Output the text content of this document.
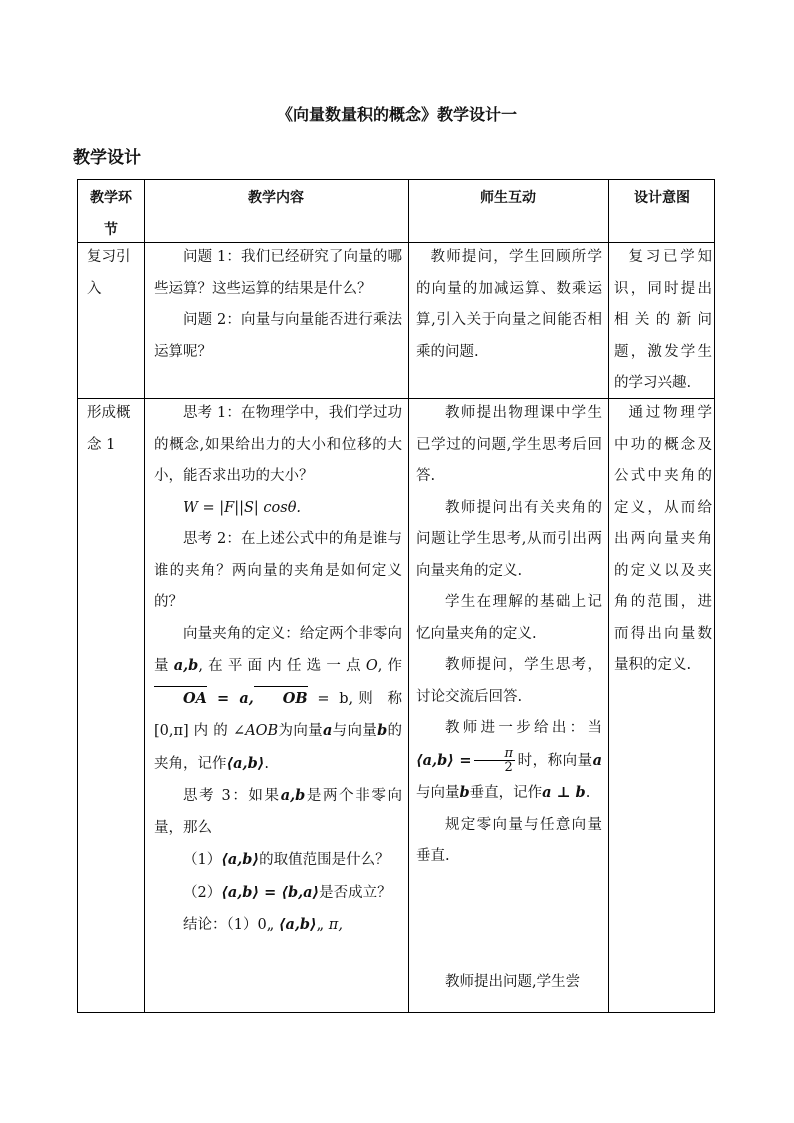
《向量数量积的概念》教学设计一
教学设计
教学环节
教学内容	师生互动	设计意图
复习引入

问题 1：我们已经研究了向量的哪些运算？这些运算的结果是什么？

问题 2：向量与向量能否进行乘法运算呢？

教师提问，学生回顾所学的向量的加减运算、数乘运算,引入关于向量之间能否相乘的问题.
复习已学知识，同时提出相关的新问题，激发学生的学习兴趣.
形成概念 1

思考 1：在物理学中，我们学过功的概念,如果给出力的大小和位移的大小，能否求出功的大小？

W = |F||S| cosθ.

思考 2：在上述公式中的角是谁与谁的夹角？两向量的夹角是如何定义的？

向量夹角的定义：给定两个非零向量a,b,在平面内任选一点O,作 OA = a, OB = b,则 称 [0,π] 内 的 ∠AOB为向量a与向量b的夹角，记作⟨a,b⟩.

思考 3：如果a,b是两个非零向量，那么

（1）⟨a,b⟩的取值范围是什么？

（2）⟨a,b⟩ = ⟨b,a⟩是否成立？

结论：（1）0„ ⟨a,b⟩„ π,

教师提出物理课中学生已学过的问题,学生思考后回答.

教师提问出有关夹角的问题让学生思考,从而引出两向量夹角的定义.

学生在理解的基础上记忆向量夹角的定义.

教师提问，学生思考，讨论交流后回答.

教师进一步给出：当⟨a,b⟩ = $\frac{\pi}{2}$ 时，称向量a与向量b垂直，记作a ⊥ b.

规定零向量与任意向量垂直.

教师提出问题,学生尝
通过物理学中功的概念及公式中夹角的定义，从而给出两向量夹角的定义以及夹角的范围，进而得出向量数量积的定义.
